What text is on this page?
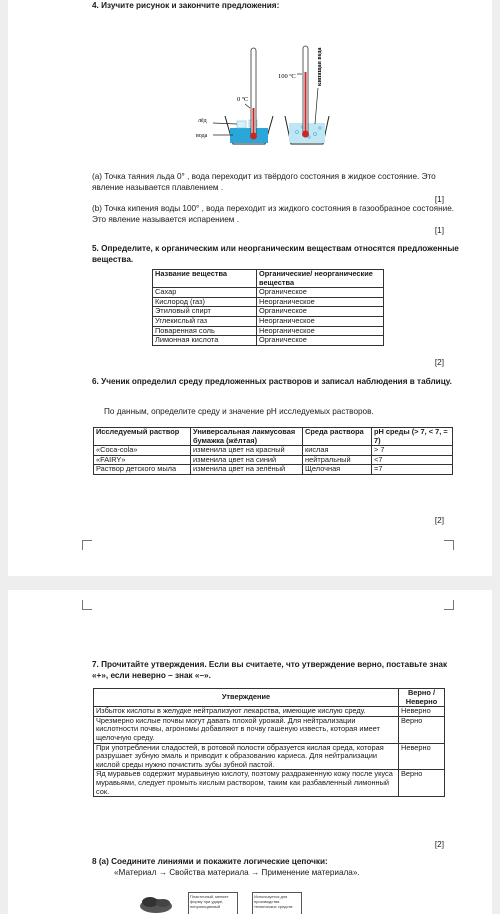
4. Изучите рисунок и закончите предложения:
0 ºC
100 ºC
лёд
вода
кипящая вода
(a) Точка таяния льда 0° , вода переходит из твёрдого состояния в жидкое состояние. Это явление называется плавлением .
[1]
(b) Точка кипения воды 100° , вода переходит из жидкого состояния в газообразное состояние. Это явление называется испарением .
[1]
5. Определите, к органическим или неорганическим веществам относятся предложенные вещества.
Название вещества	Органические/ неорганические вещества
Сахар	Органическое
Кислород (газ)	Неорганическое
Этиловый спирт	Органическое
Углекислый газ	Неорганическое
Поваренная соль	Неорганическое
Лимонная кислота	Органическое
[2]
6. Ученик определил среду предложенных растворов и записал наблюдения в таблицу.
По данным, определите среду и значение pH исследуемых растворов.
Исследуемый раствор	Универсальная лакмусовая бумажка (жёлтая)	Среда раствора	pH среды (> 7, < 7, = 7)
«Coca-cola»	изменила цвет на красный	кислая	> 7
«FAIRY»	изменила цвет на синий	нейтральный	<7
Раствор детского мыла	изменила цвет на зелёный	Щелочная	=7
[2]
7. Прочитайте утверждения. Если вы считаете, что утверждение верно, поставьте знак «+», если неверно – знак «–».
Утверждение	Верно / Неверно
Избыток кислоты в желудке нейтрализуют лекарства, имеющие кислую среду.	Неверно
Чрезмерно кислые почвы могут давать плохой урожай. Для нейтрализации кислотности почвы, агрономы добавляют в почву гашеную известь, которая имеет щелочную среду.	Верно
При употреблении сладостей, в ротовой полости образуется кислая среда, которая разрушает зубную эмаль и приводит к образованию кариеса. Для нейтрализации кислой среды нужно почистить зубы зубной пастой.	Неверно
Яд муравьев содержит муравьиную кислоту, поэтому раздраженную кожу после укуса муравьями, следует промыть кислым раствором, таким как разбавленный лимонный сок.	Верно
[2]
8 (a) Соедините линиями и покажите логические цепочки:
«Материал → Свойства материала → Применение материала».
Пластичный, меняет форму при ударе, непроницаемый
Используется для производства технических средств
